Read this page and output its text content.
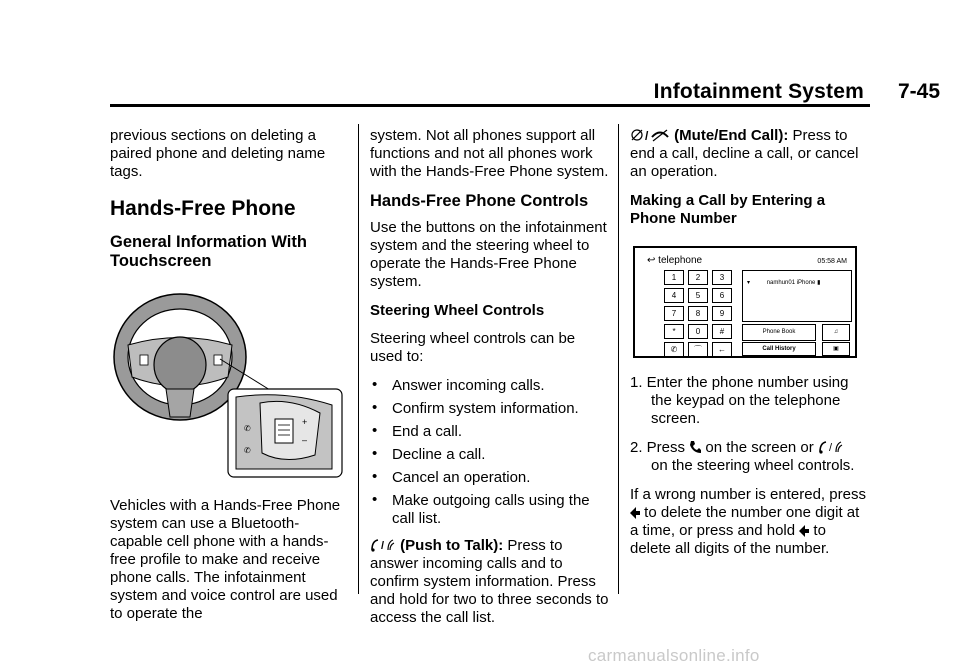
Infotainment System 7-45

previous sections on deleting a paired phone and deleting name tags.

Hands-Free Phone
General Information With Touchscreen
+
–
✆
✆

Vehicles with a Hands-Free Phone system can use a Bluetooth-capable cell phone with a hands-free profile to make and receive phone calls. The infotainment system and voice control are used to operate the

system. Not all phones support all functions and not all phones work with the Hands-Free Phone system.

Hands-Free Phone Controls

Use the buttons on the infotainment system and the steering wheel to operate the Hands-Free Phone system.

Steering Wheel Controls

Steering wheel controls can be used to:

• Answer incoming calls.
• Confirm system information.
• End a call.
• Decline a call.
• Cancel an operation.
• Make outgoing calls using the call list.

/ (Push to Talk): Press to answer incoming calls and to confirm system information. Press and hold for two to three seconds to access the call list.

/ (Mute/End Call): Press to end a call, decline a call, or cancel an operation.

Making a Call by Entering a Phone Number

↩ telephone	05:58 AM
1	2	3
4	5	6
7	8	9
*	0	#
✆	⌒	←
▾	namhun01 iPhone ▮
Phone Book	♫
Call History	▣
1. Enter the phone number using the keypad on the telephone screen.
2. Press
on the screen or /

on the steering wheel controls.

If a wrong number is entered, press

to delete the number one digit at a time, or press and hold
to delete all digits of the number.

carmanualsonline.info
